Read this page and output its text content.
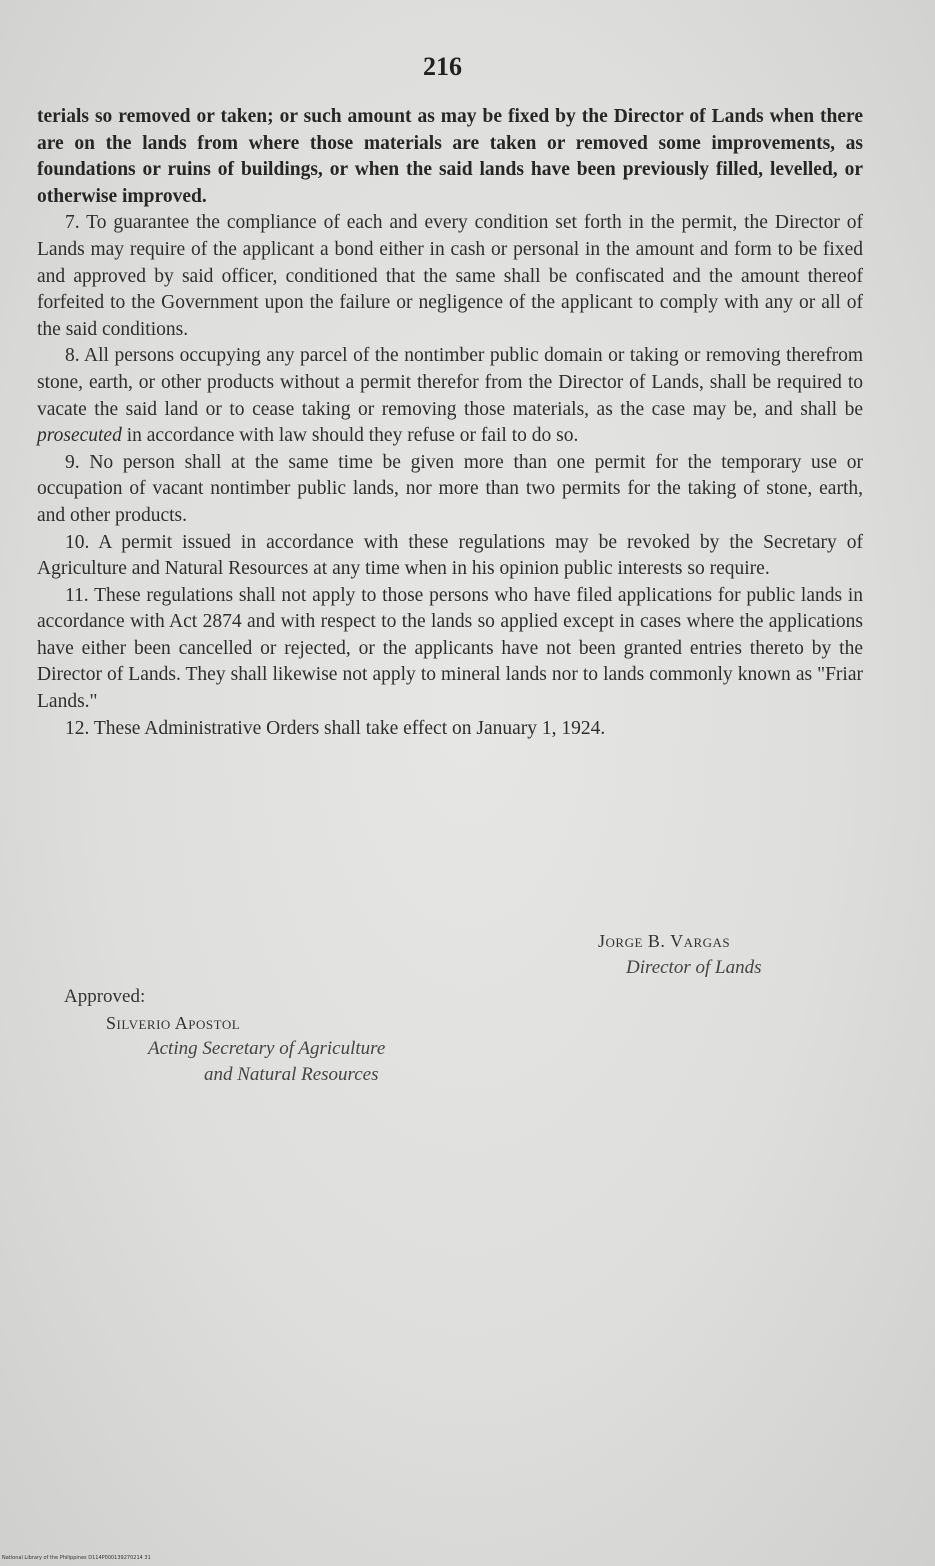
216

terials so removed or taken; or such amount as may be fixed by the Director of Lands when there are on the lands from where those materials are taken or removed some improvements, as foundations or ruins of buildings, or when the said lands have been previously filled, levelled, or otherwise improved.

7. To guarantee the compliance of each and every condition set forth in the permit, the Director of Lands may require of the applicant a bond either in cash or personal in the amount and form to be fixed and approved by said officer, conditioned that the same shall be confiscated and the amount thereof forfeited to the Government upon the failure or negligence of the applicant to comply with any or all of the said conditions.

8. All persons occupying any parcel of the nontimber public domain or taking or removing therefrom stone, earth, or other products without a permit therefor from the Director of Lands, shall be required to vacate the said land or to cease taking or removing those materials, as the case may be, and shall be prosecuted in accordance with law should they refuse or fail to do so.

9. No person shall at the same time be given more than one permit for the temporary use or occupation of vacant nontimber public lands, nor more than two permits for the taking of stone, earth, and other products.

10. A permit issued in accordance with these regulations may be revoked by the Secretary of Agriculture and Natural Resources at any time when in his opinion public interests so require.

11. These regulations shall not apply to those persons who have filed applications for public lands in accordance with Act 2874 and with respect to the lands so applied except in cases where the applications have either been cancelled or rejected, or the applicants have not been granted entries thereto by the Director of Lands. They shall likewise not apply to mineral lands nor to lands commonly known as "Friar Lands."

12. These Administrative Orders shall take effect on January 1, 1924.

Jorge B. Vargas
Director of Lands
Approved:
Silverio Apostol
Acting Secretary of Agriculture
and Natural Resources
National Library of the Philippines D114P000139270214 31
